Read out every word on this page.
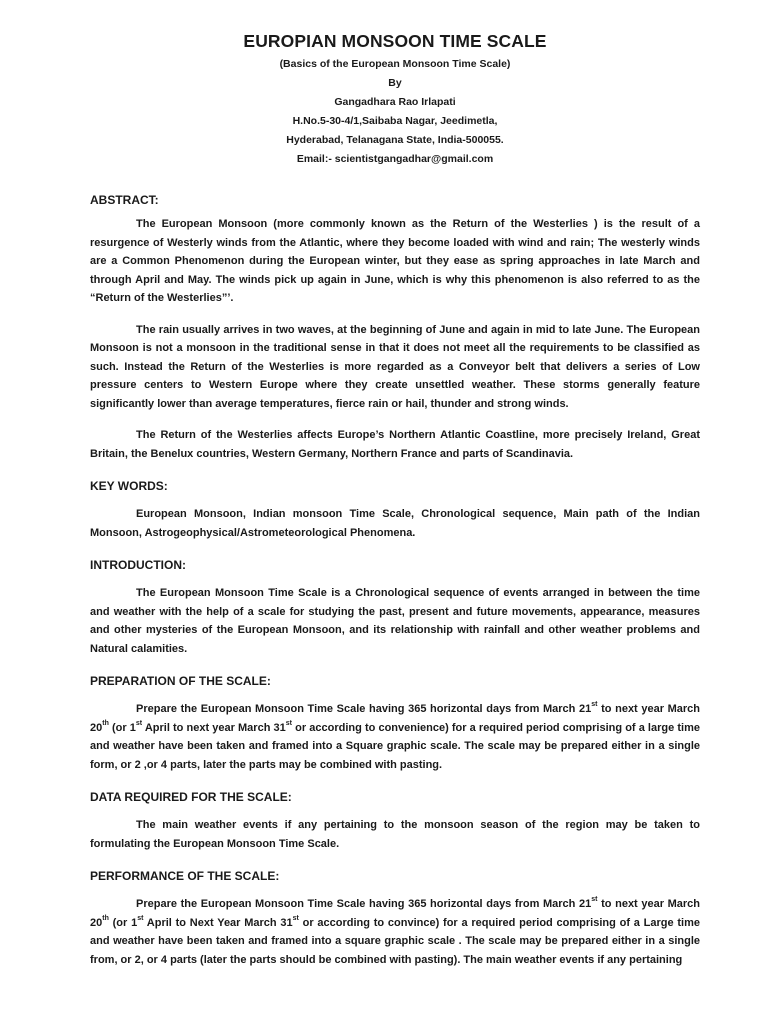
EUROPIAN MONSOON TIME SCALE
(Basics of the European Monsoon Time Scale)
By
Gangadhara Rao Irlapati
H.No.5-30-4/1,Saibaba Nagar, Jeedimetla,
Hyderabad, Telanagana State, India-500055.
Email:- scientistgangadhar@gmail.com
ABSTRACT:
The European Monsoon (more commonly known as the Return of the Westerlies ) is the result of a resurgence of Westerly winds from the Atlantic, where they become loaded with wind and rain; The westerly winds are a Common Phenomenon during the European winter, but they ease as spring approaches in late March and through April and May. The winds pick up again in June, which is why this phenomenon is also referred to as the “Return of the Westerlies”’.
The rain usually arrives in two waves, at the beginning of June and again in mid to late June. The European Monsoon is not a monsoon in the traditional sense in that it does not meet all the requirements to be classified as such. Instead the Return of the Westerlies is more regarded as a Conveyor belt that delivers a series of Low pressure centers to Western Europe where they create unsettled weather. These storms generally feature significantly lower than average temperatures, fierce rain or hail, thunder and strong winds.
The Return of the Westerlies affects Europe’s Northern Atlantic Coastline, more precisely Ireland, Great Britain, the Benelux countries, Western Germany, Northern France and parts of Scandinavia.
KEY WORDS:
European Monsoon, Indian monsoon Time Scale, Chronological sequence, Main path of the Indian Monsoon, Astrogeophysical/Astrometeorological Phenomena.
INTRODUCTION:
The European Monsoon Time Scale is a Chronological sequence of events arranged in between the time and weather with the help of a scale for studying the past, present and future movements, appearance, measures and other mysteries of the European Monsoon, and its relationship with rainfall and other weather problems and Natural calamities.
PREPARATION OF THE SCALE:
Prepare the European Monsoon Time Scale having 365 horizontal days from March 21st to next year March 20th (or 1st April to next year March 31st or according to convenience) for a required period comprising of a large time and weather have been taken and framed into a Square graphic scale. The scale may be prepared either in a single form, or 2 ,or 4 parts, later the parts may be combined with pasting.
DATA REQUIRED FOR THE SCALE:
The main weather events if any pertaining to the monsoon season of the region may be taken to formulating the European Monsoon Time Scale.
PERFORMANCE OF THE SCALE:
Prepare the European Monsoon Time Scale having 365 horizontal days from March 21st to next year March 20th (or 1st April to Next Year March 31st or according to convince) for a required period comprising of a Large time and weather have been taken and framed into a square graphic scale . The scale may be prepared either in a single from, or 2, or 4 parts (later the parts should be combined with pasting). The main weather events if any pertaining
